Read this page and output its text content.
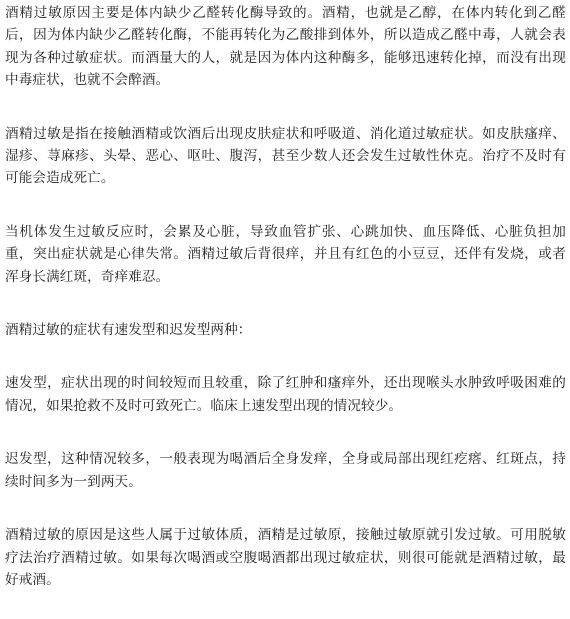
酒精过敏原因主要是体内缺少乙醛转化酶导致的。酒精，也就是乙醇，在体内转化到乙醛后，因为体内缺少乙醛转化酶，不能再转化为乙酸排到体外，所以造成乙醛中毒，人就会表现为各种过敏症状。而酒量大的人，就是因为体内这种酶多，能够迅速转化掉，而没有出现中毒症状，也就不会醉酒。

酒精过敏是指在接触酒精或饮酒后出现皮肤症状和呼吸道、消化道过敏症状。如皮肤瘙痒、湿疹、荨麻疹、头晕、恶心、呕吐、腹泻，甚至少数人还会发生过敏性休克。治疗不及时有可能会造成死亡。

当机体发生过敏反应时，会累及心脏，导致血管扩张、心跳加快、血压降低、心脏负担加重，突出症状就是心律失常。酒精过敏后背很痒，并且有红色的小豆豆，还伴有发烧，或者浑身长满红斑，奇痒难忍。

酒精过敏的症状有速发型和迟发型两种：

速发型，症状出现的时间较短而且较重，除了红肿和瘙痒外，还出现喉头水肿致呼吸困难的情况，如果抢救不及时可致死亡。临床上速发型出现的情况较少。

迟发型，这种情况较多，一般表现为喝酒后全身发痒，全身或局部出现红疙瘩、红斑点，持续时间多为一到两天。

酒精过敏的原因是这些人属于过敏体质，酒精是过敏原，接触过敏原就引发过敏。可用脱敏疗法治疗酒精过敏。如果每次喝酒或空腹喝酒都出现过敏症状，则很可能就是酒精过敏，最好戒酒。
